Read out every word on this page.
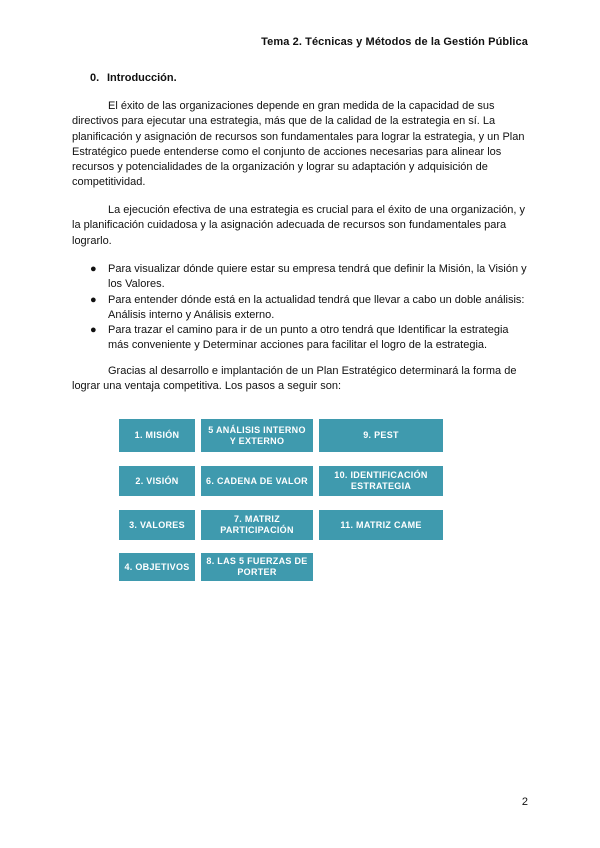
Tema 2. Técnicas y Métodos de la Gestión Pública
0. Introducción.
El éxito de las organizaciones depende en gran medida de la capacidad de sus directivos para ejecutar una estrategia, más que de la calidad de la estrategia en sí. La planificación y asignación de recursos son fundamentales para lograr la estrategia, y un Plan Estratégico puede entenderse como el conjunto de acciones necesarias para alinear los recursos y potencialidades de la organización y lograr su adaptación y adquisición de competitividad.
La ejecución efectiva de una estrategia es crucial para el éxito de una organización, y la planificación cuidadosa y la asignación adecuada de recursos son fundamentales para lograrlo.
● Para visualizar dónde quiere estar su empresa tendrá que definir la Misión, la Visión y los Valores.
● Para entender dónde está en la actualidad tendrá que llevar a cabo un doble análisis: Análisis interno y Análisis externo.
● Para trazar el camino para ir de un punto a otro tendrá que Identificar la estrategia más conveniente y Determinar acciones para facilitar el logro de la estrategia.
Gracias al desarrollo e implantación de un Plan Estratégico determinará la forma de lograr una ventaja competitiva. Los pasos a seguir son:
1. MISIÓN
5 ANÁLISIS INTERNO Y EXTERNO
9. PEST
2. VISIÓN	6. CADENA DE VALOR
10. IDENTIFICACIÓN ESTRATEGIA
3. VALORES
7. MATRIZ PARTICIPACIÓN
11. MATRIZ CAME
4. OBJETIVOS
8. LAS 5 FUERZAS DE PORTER
2
